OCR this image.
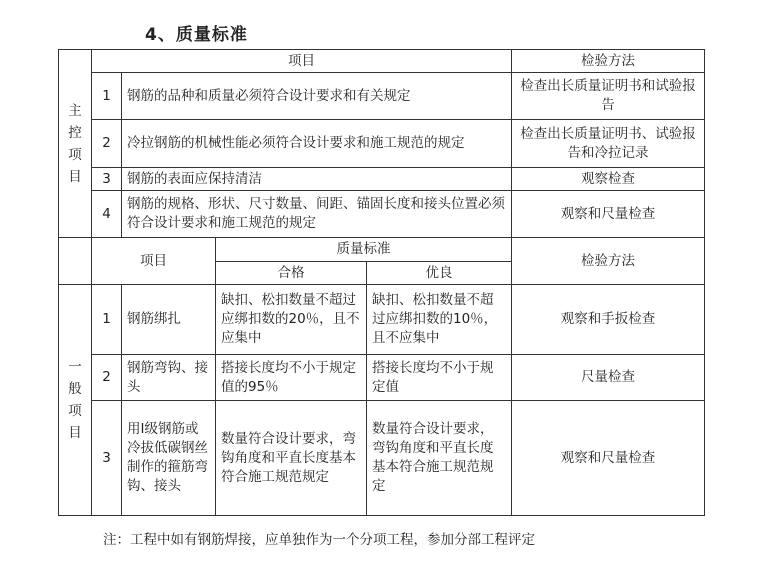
4、质量标准
主
控
项
目	项目				检验方法
	1	钢筋的品种和质量必须符合设计要求和有关规定			检查出长质量证明书和试验报告
	2	冷拉钢筋的机械性能必须符合设计要求和施工规范的规定			检查出长质量证明书、试验报告和冷拉记录
	3	钢筋的表面应保持清洁			观察检查
	4	钢筋的规格、形状、尺寸数量、间距、锚固长度和接头位置必须符合设计要求和施工规范的规定			观察和尺量检查
	项目		质量标准		检验方法
			合格	优良	

一
般
项
目	1	钢筋绑扎	缺扣、松扣数量不超过应绑扣数的20％，且不应集中	缺扣、松扣数量不超过应绑扣数的10％，且不应集中	观察和手扳检查
	2	钢筋弯钩、接头	搭接长度均不小于规定值的95％	搭接长度均不小于规定值	尺量检查
	3	用Ⅰ级钢筋或冷拔低碳钢丝制作的箍筋弯钩、接头	数量符合设计要求，弯钩角度和平直长度基本符合施工规范规定	数量符合设计要求，弯钩角度和平直长度基本符合施工规范规定	观察和尺量检查
注：工程中如有钢筋焊接，应单独作为一个分项工程，参加分部工程评定
